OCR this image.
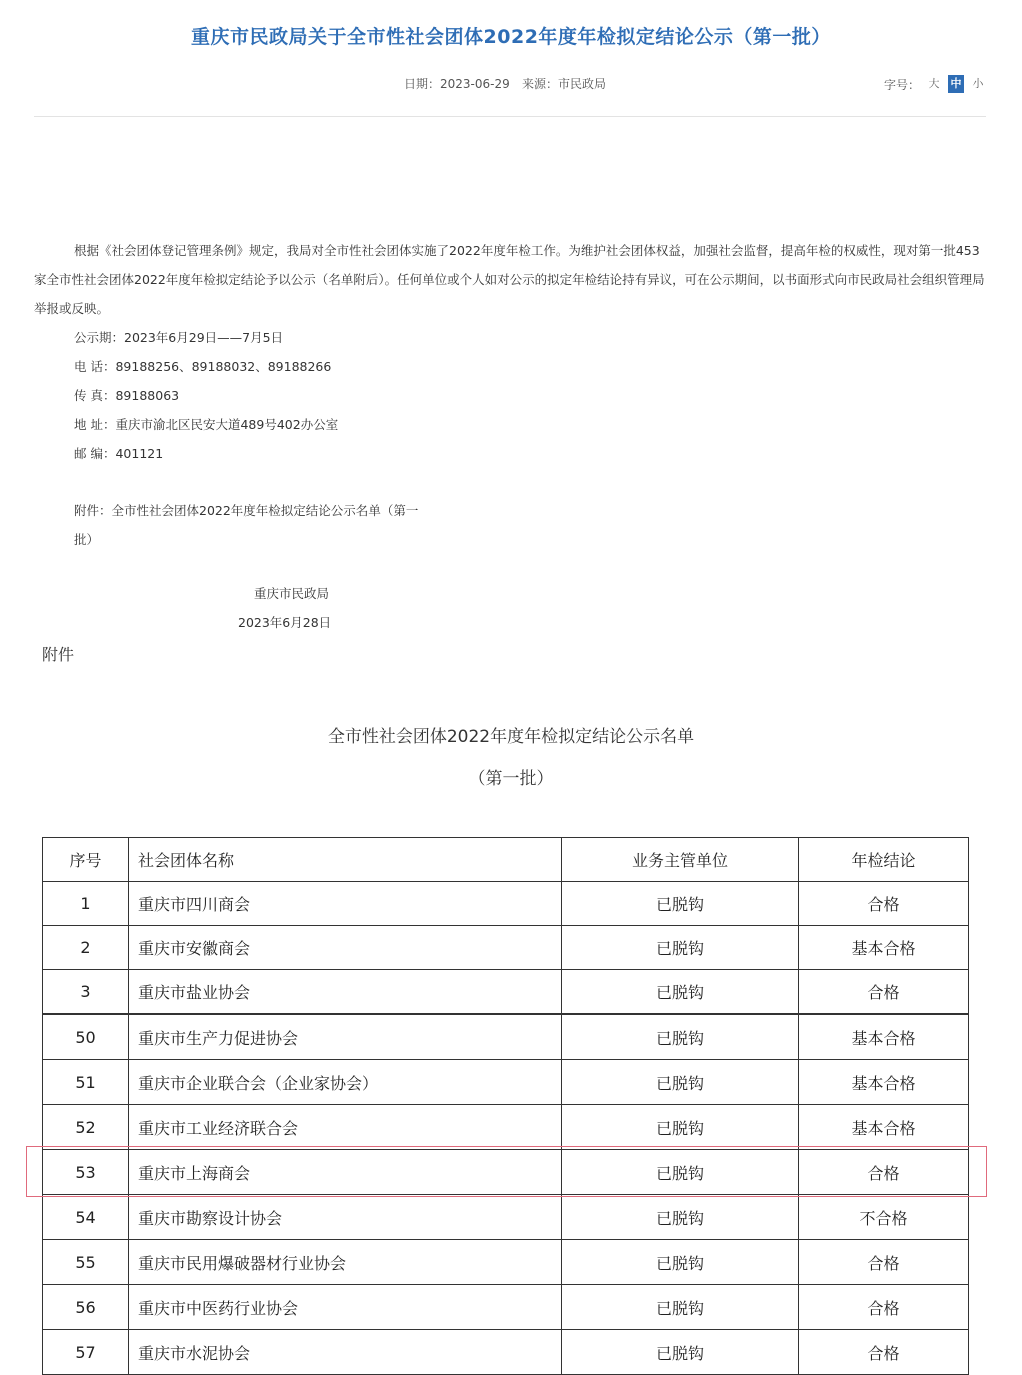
重庆市民政局关于全市性社会团体2022年度年检拟定结论公示（第一批）
日期：2023-06-29 来源：市民政局	字号： 大 中 小

根据《社会团体登记管理条例》规定，我局对全市性社会团体实施了2022年度年检工作。为维护社会团体权益，加强社会监督，提高年检的权威性，现对第一批453家全市性社会团体2022年度年检拟定结论予以公示（名单附后）。任何单位或个人如对公示的拟定年检结论持有异议，可在公示期间，以书面形式向市民政局社会组织管理局举报或反映。

公示期：2023年6月29日——7月5日

电 话：89188256、89188032、89188266

传 真：89188063

地 址：重庆市渝北区民安大道489号402办公室

邮 编：401121

附件：全市性社会团体2022年度年检拟定结论公示名单（第一批）
重庆市民政局
2023年6月28日
附件
全市性社会团体2022年度年检拟定结论公示名单
（第一批）
序号	社会团体名称	业务主管单位	年检结论
1	重庆市四川商会	已脱钩	合格
2	重庆市安徽商会	已脱钩	基本合格
3	重庆市盐业协会	已脱钩	合格
50	重庆市生产力促进协会	已脱钩	基本合格
51	重庆市企业联合会（企业家协会）	已脱钩	基本合格
52	重庆市工业经济联合会	已脱钩	基本合格
53	重庆市上海商会	已脱钩	合格
54	重庆市勘察设计协会	已脱钩	不合格
55	重庆市民用爆破器材行业协会	已脱钩	合格
56	重庆市中医药行业协会	已脱钩	合格
57	重庆市水泥协会	已脱钩	合格
